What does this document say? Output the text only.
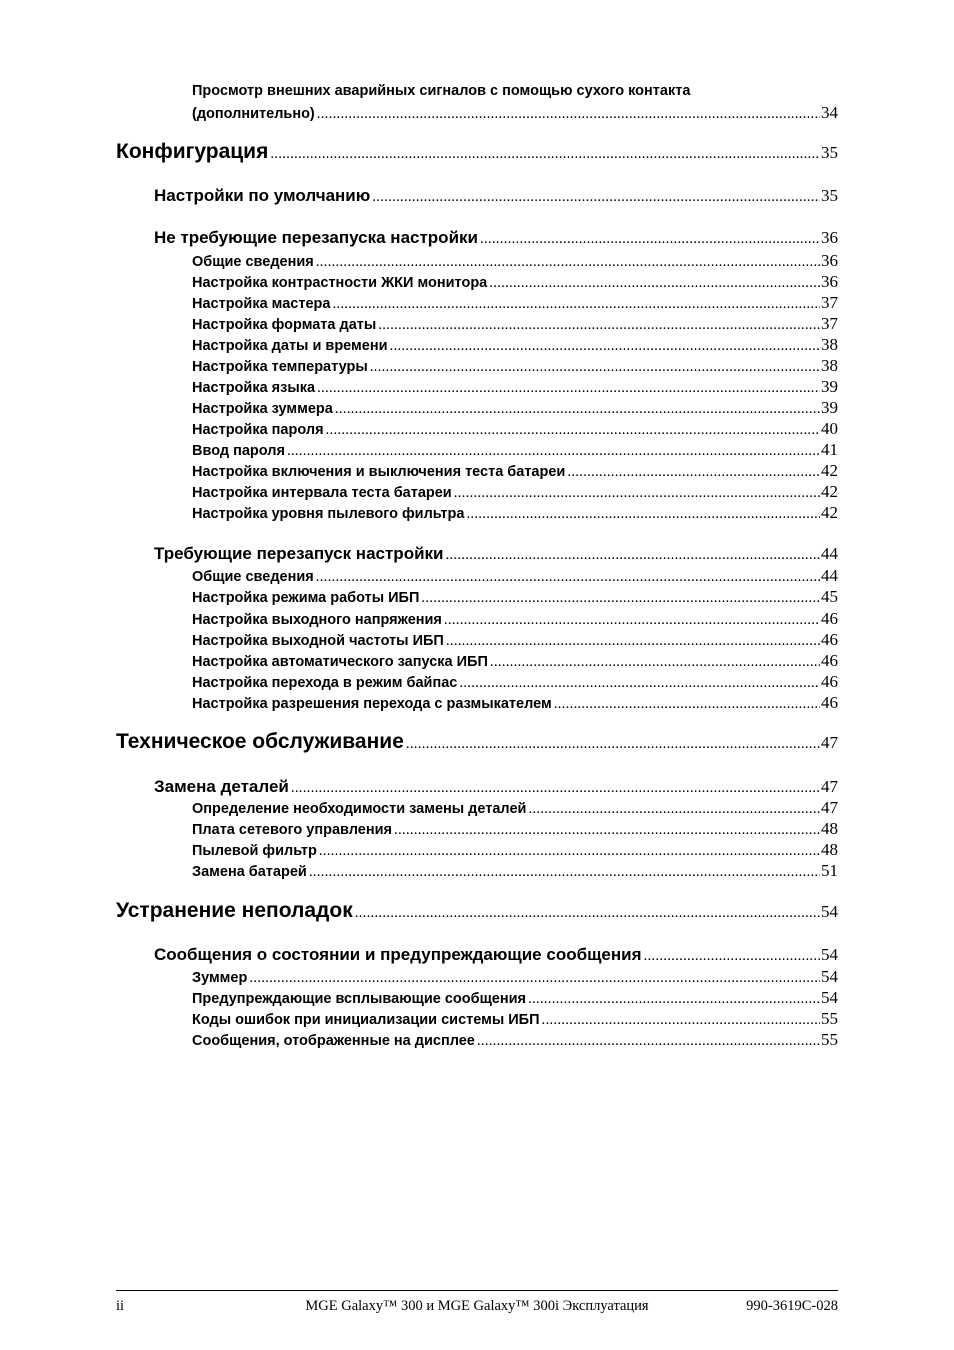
Просмотр внешних аварийных сигналов с помощью сухого контакта
(дополнительно) .....	34
Конфигурация .....	35
Настройки по умолчанию .....	35
Не требующие перезапуска настройки .....	36
Общие сведения .....	36
Настройка контрастности ЖКИ монитора .....	36
Настройка мастера .....	37
Настройка формата даты .....	37
Настройка даты и времени .....	38
Настройка температуры .....	38
Настройка языка .....	39
Настройка зуммера .....	39
Настройка пароля .....	40
Ввод пароля .....	41
Настройка включения и выключения теста батареи .....	42
Настройка интервала теста батареи .....	42
Настройка уровня пылевого фильтра .....	42
Требующие перезапуск настройки .....	44
Общие сведения .....	44
Настройка режима работы ИБП .....	45
Настройка выходного напряжения .....	46
Настройка выходной частоты ИБП .....	46
Настройка автоматического запуска ИБП .....	46
Настройка перехода в режим байпас .....	46
Настройка разрешения перехода с размыкателем .....	46
Техническое обслуживание .....	47
Замена деталей .....	47
Определение необходимости замены деталей .....	47
Плата сетевого управления .....	48
Пылевой фильтр .....	48
Замена батарей .....	51
Устранение неполадок .....	54
Сообщения о состоянии и предупреждающие сообщения .....	54
Зуммер .....	54
Предупреждающие всплывающие сообщения .....	54
Коды ошибок при инициализации системы ИБП .....	55
Сообщения, отображенные на дисплее .....	55
ii	MGE Galaxy™ 300 и MGE Galaxy™ 300i Эксплуатация	990-3619C-028
